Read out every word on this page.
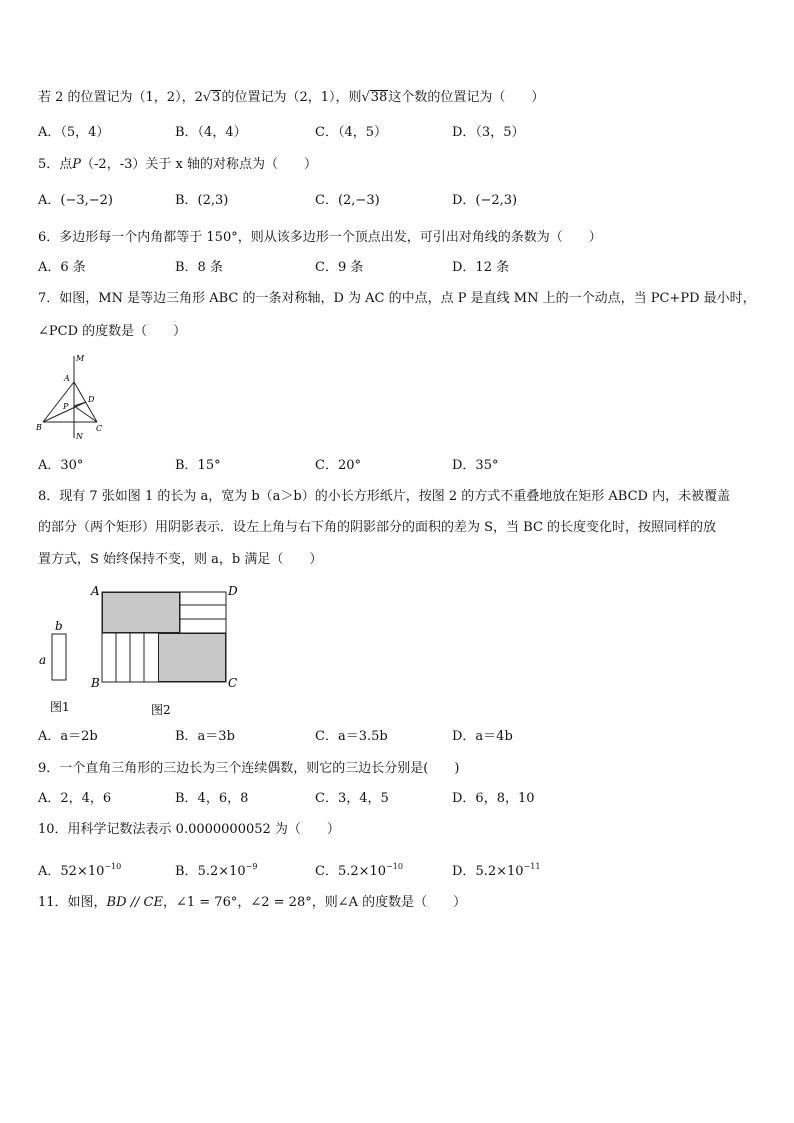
若 2 的位置记为（1，2），2√3的位置记为（2，1），则√38这个数的位置记为（ ）
A．（5，4）	B．（4，4）	C．（4，5）	D．（3，5）
5．点P（-2，-3）关于 x 轴的对称点为（ ）
A．(−3,−2)	B．(2,3)	C．(2,−3)	D．(−2,3)
6．多边形每一个内角都等于 150°，则从该多边形一个顶点出发，可引出对角线的条数为（ ）
A．6 条	B．8 条	C．9 条	D．12 条
7．如图，MN 是等边三角形 ABC 的一条对称轴，D 为 AC 的中点，点 P 是直线 MN 上的一个动点，当 PC+PD 最小时，
∠PCD 的度数是（ ）
M
A
D
P
B	C
N
A．30°	B．15°	C．20°	D．35°
8．现有 7 张如图 1 的长为 a，宽为 b（a＞b）的小长方形纸片，按图 2 的方式不重叠地放在矩形 ABCD 内，未被覆盖
的部分（两个矩形）用阴影表示．设左上角与右下角的阴影部分的面积的差为 S，当 BC 的长度变化时，按照同样的放
置方式，S 始终保持不变，则 a，b 满足（ ）
b
a
图1
A	D
B	C
图2
A．a＝2b	B．a＝3b	C．a＝3.5b	D．a＝4b
9．一个直角三角形的三边长为三个连续偶数，则它的三边长分别是( )
A．2，4，6	B．4，6，8	C．3，4，5	D．6，8，10
10．用科学记数法表示 0.0000000052 为（ ）
A．$52\times 10^{-10}$	B．$5.2\times 10^{-9}$	C．$5.2\times 10^{-10}$	D．$5.2\times 10^{-11}$
11．如图，BD // CE，∠1 = 76°，∠2 = 28°，则∠A 的度数是（ ）
